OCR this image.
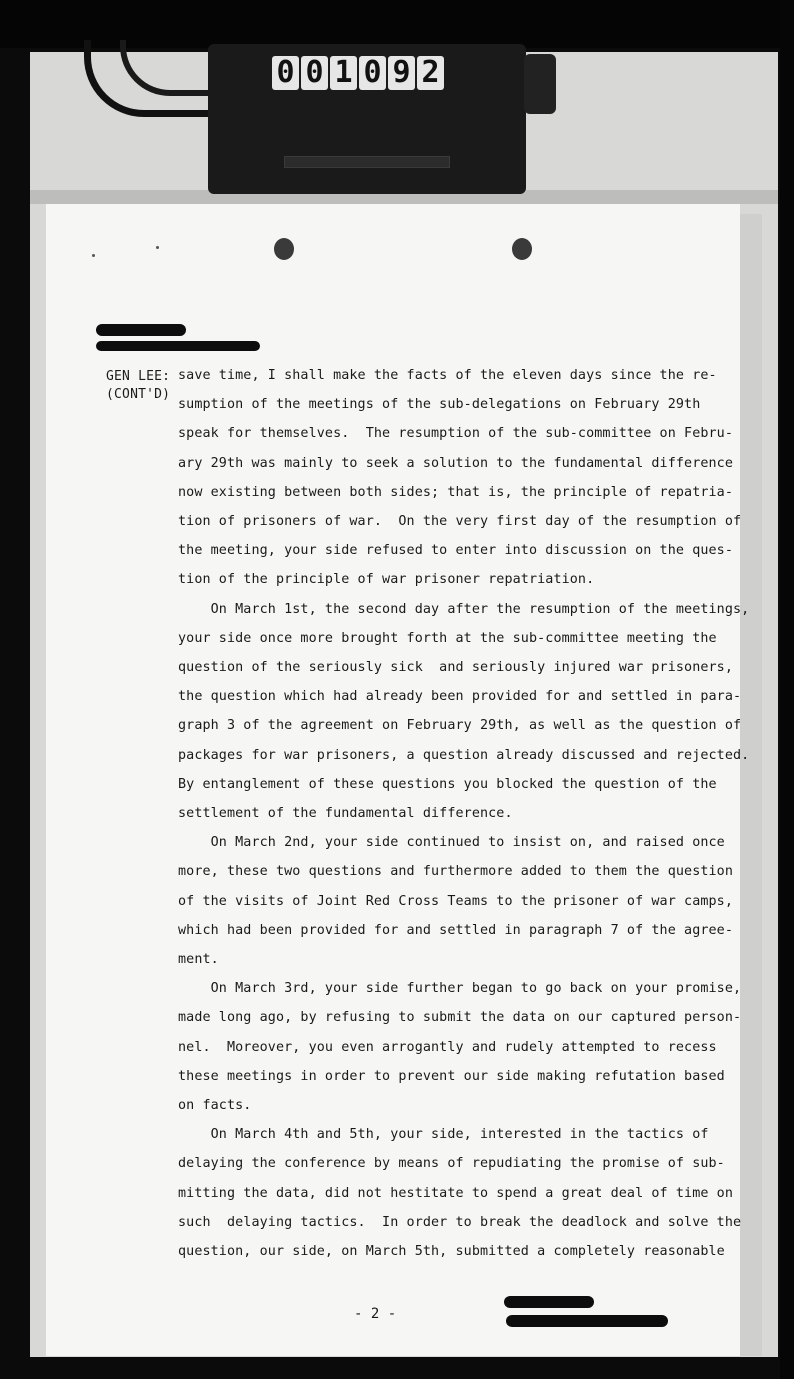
0 0 1 0 9 2
GEN LEE:
(CONT'D)
save time, I shall make the facts of the eleven days since the re-
sumption of the meetings of the sub-delegations on February 29th
speak for themselves.  The resumption of the sub-committee on Febru-
ary 29th was mainly to seek a solution to the fundamental difference
now existing between both sides; that is, the principle of repatria-
tion of prisoners of war.  On the very first day of the resumption of
the meeting, your side refused to enter into discussion on the ques-
tion of the principle of war prisoner repatriation.
On March 1st, the second day after the resumption of the meetings,
your side once more brought forth at the sub-committee meeting the
question of the seriously sick  and seriously injured war prisoners,
the question which had already been provided for and settled in para-
graph 3 of the agreement on February 29th, as well as the question of
packages for war prisoners, a question already discussed and rejected.
By entanglement of these questions you blocked the question of the
settlement of the fundamental difference.
On March 2nd, your side continued to insist on, and raised once
more, these two questions and furthermore added to them the question
of the visits of Joint Red Cross Teams to the prisoner of war camps,
which had been provided for and settled in paragraph 7 of the agree-
ment.
On March 3rd, your side further began to go back on your promise,
made long ago, by refusing to submit the data on our captured person-
nel.  Moreover, you even arrogantly and rudely attempted to recess
these meetings in order to prevent our side making refutation based
on facts.
On March 4th and 5th, your side, interested in the tactics of
delaying the conference by means of repudiating the promise of sub-
mitting the data, did not hestitate to spend a great deal of time on
such  delaying tactics.  In order to break the deadlock and solve the
question, our side, on March 5th, submitted a completely reasonable
- 2 -
